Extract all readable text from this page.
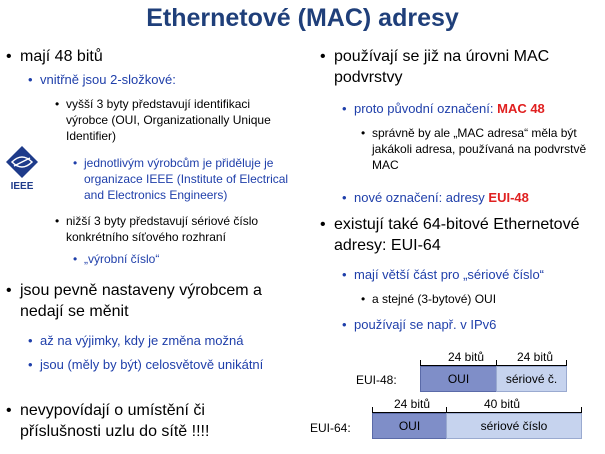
Ethernetové (MAC) adresy
• mají 48 bitů
• vnitřně jsou 2-složkové:
• vyšší 3 byty představují identifikaci výrobce (OUI, Organizationally Unique Identifier)
IEEE
• jednotlivým výrobcům je přiděluje je organizace IEEE (Institute of Electrical and Electronics Engineers)
• nižší 3 byty představují sériové číslo konkrétního síťového rozhraní
• „výrobní číslo“
• jsou pevně nastaveny výrobcem a nedají se měnit
• až na výjimky, kdy je změna možná
• jsou (měly by být) celosvětově unikátní
• nevypovídají o umístění či příslušnosti uzlu do sítě !!!!
• používají se již na úrovni MAC podvrstvy
• proto původní označení: MAC 48
• správně by ale „MAC adresa“ měla být jakákoli adresa, používaná na podvrstvě MAC
• nové označení: adresy EUI-48
• existují také 64-bitové Ethernetové adresy: EUI-64
• mají větší část pro „sériové číslo“
• a stejné (3-bytové) OUI
• používají se např. v IPv6
24 bitů	24 bitů
EUI-48:	OUI	sériové č.
24 bitů	40 bitů
EUI-64:	OUI	sériové číslo
